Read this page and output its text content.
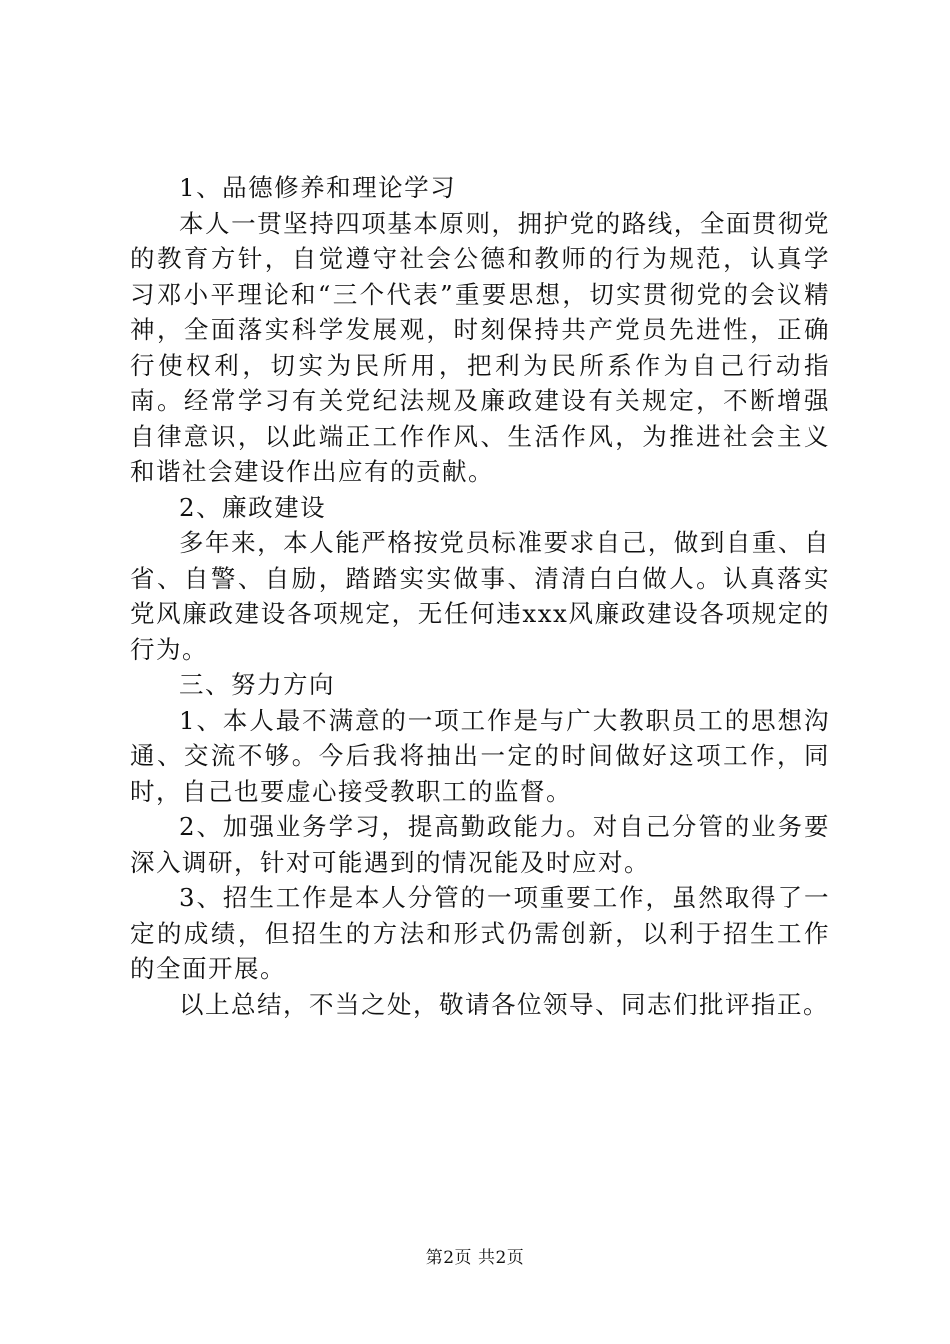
1、品德修养和理论学习

本人一贯坚持四项基本原则，拥护党的路线，全面贯彻党的教育方针，自觉遵守社会公德和教师的行为规范，认真学习邓小平理论和“三个代表”重要思想，切实贯彻党的会议精神，全面落实科学发展观，时刻保持共产党员先进性，正确行使权利，切实为民所用，把利为民所系作为自己行动指南。经常学习有关党纪法规及廉政建设有关规定，不断增强自律意识，以此端正工作作风、生活作风，为推进社会主义和谐社会建设作出应有的贡献。

2、廉政建设

多年来，本人能严格按党员标准要求自己，做到自重、自省、自警、自励，踏踏实实做事、清清白白做人。认真落实党风廉政建设各项规定，无任何违xxx风廉政建设各项规定的行为。

三、努力方向

1、本人最不满意的一项工作是与广大教职员工的思想沟通、交流不够。今后我将抽出一定的时间做好这项工作，同时，自己也要虚心接受教职工的监督。

2、加强业务学习，提高勤政能力。对自己分管的业务要深入调研，针对可能遇到的情况能及时应对。

3、招生工作是本人分管的一项重要工作，虽然取得了一定的成绩，但招生的方法和形式仍需创新，以利于招生工作的全面开展。

以上总结，不当之处，敬请各位领导、同志们批评指正。

第2页 共2页
